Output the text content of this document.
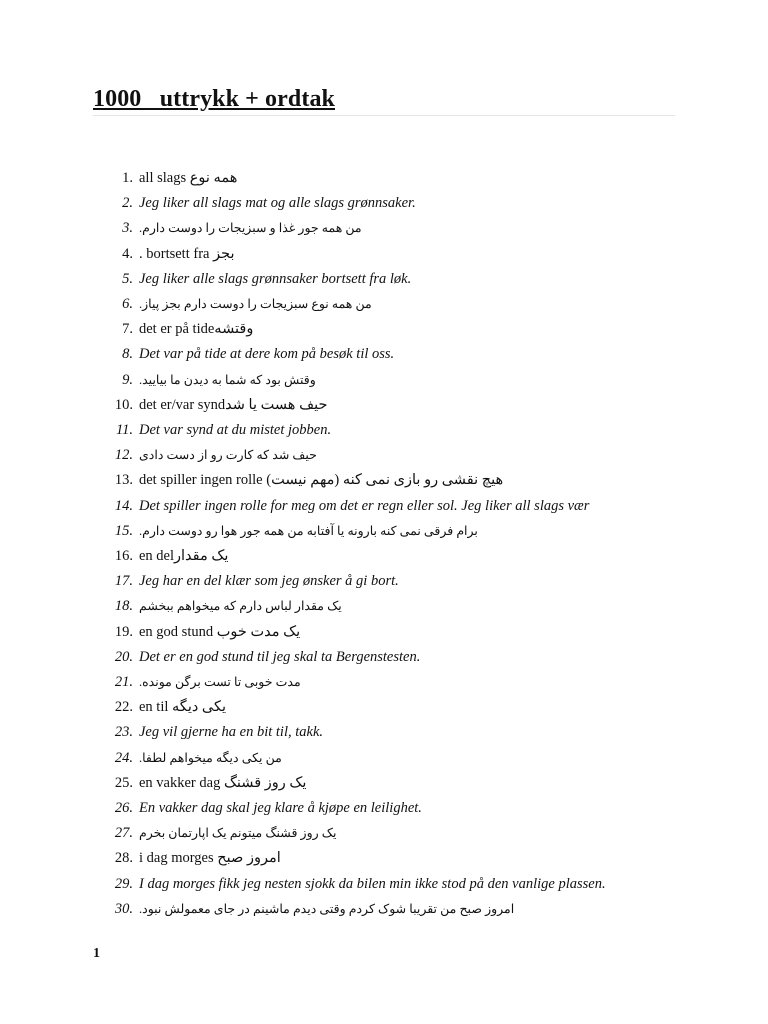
1000   uttrykk + ordtak
1. all slags همه نوع
2. Jeg liker all slags mat og alle slags grønnsaker.
3. من همه جور غذا و سبزیجات را دوست دارم.
4. . bortsett fra بجز
5. Jeg liker alle slags grønnsaker bortsett fra løk.
6. من همه نوع سبزیجات را دوست دارم بجز پیاز.
7. det er på tideوقتشه
8. Det var på tide at dere kom på besøk til oss.
9. وقتش بود که شما به دیدن ما بیایید.
10. det er/var syndحیف هست یا شد
11. Det var synd at du mistet jobben.
12. حیف شد که کارت رو از دست دادی
13. det spiller ingen rolle (مهم نیست) هیچ نقشی رو بازی نمی کنه
14. Det spiller ingen rolle for meg om det er regn eller sol. Jeg liker all slags vær
15. برام فرقی نمی کنه بارونه یا آفتابه من همه جور هوا رو دوست دارم.
16. en delیک مقدار
17. Jeg har en del klær som jeg ønsker å gi bort.
18. یک مقدار لباس دارم که میخواهم ببخشم
19. en god stund یک مدت خوب
20. Det er en god stund til jeg skal ta Bergenstesten.
21. مدت خوبی تا تست برگن مونده.
22. en til یکی دیگه
23. Jeg vil gjerne ha en bit til, takk.
24. من یکی دیگه میخواهم لطفا.
25. en vakker dag یک روز قشنگ
26. En vakker dag skal jeg klare å kjøpe en leilighet.
27. یک روز قشنگ میتونم یک اپارتمان بخرم
28. i dag morges امروز صبح
29. I dag morges fikk jeg nesten sjokk da bilen min ikke stod på den vanlige plassen.
30. امروز صبح من تقریبا شوک کردم وقتی دیدم ماشینم در جای معمولش نبود.
1
